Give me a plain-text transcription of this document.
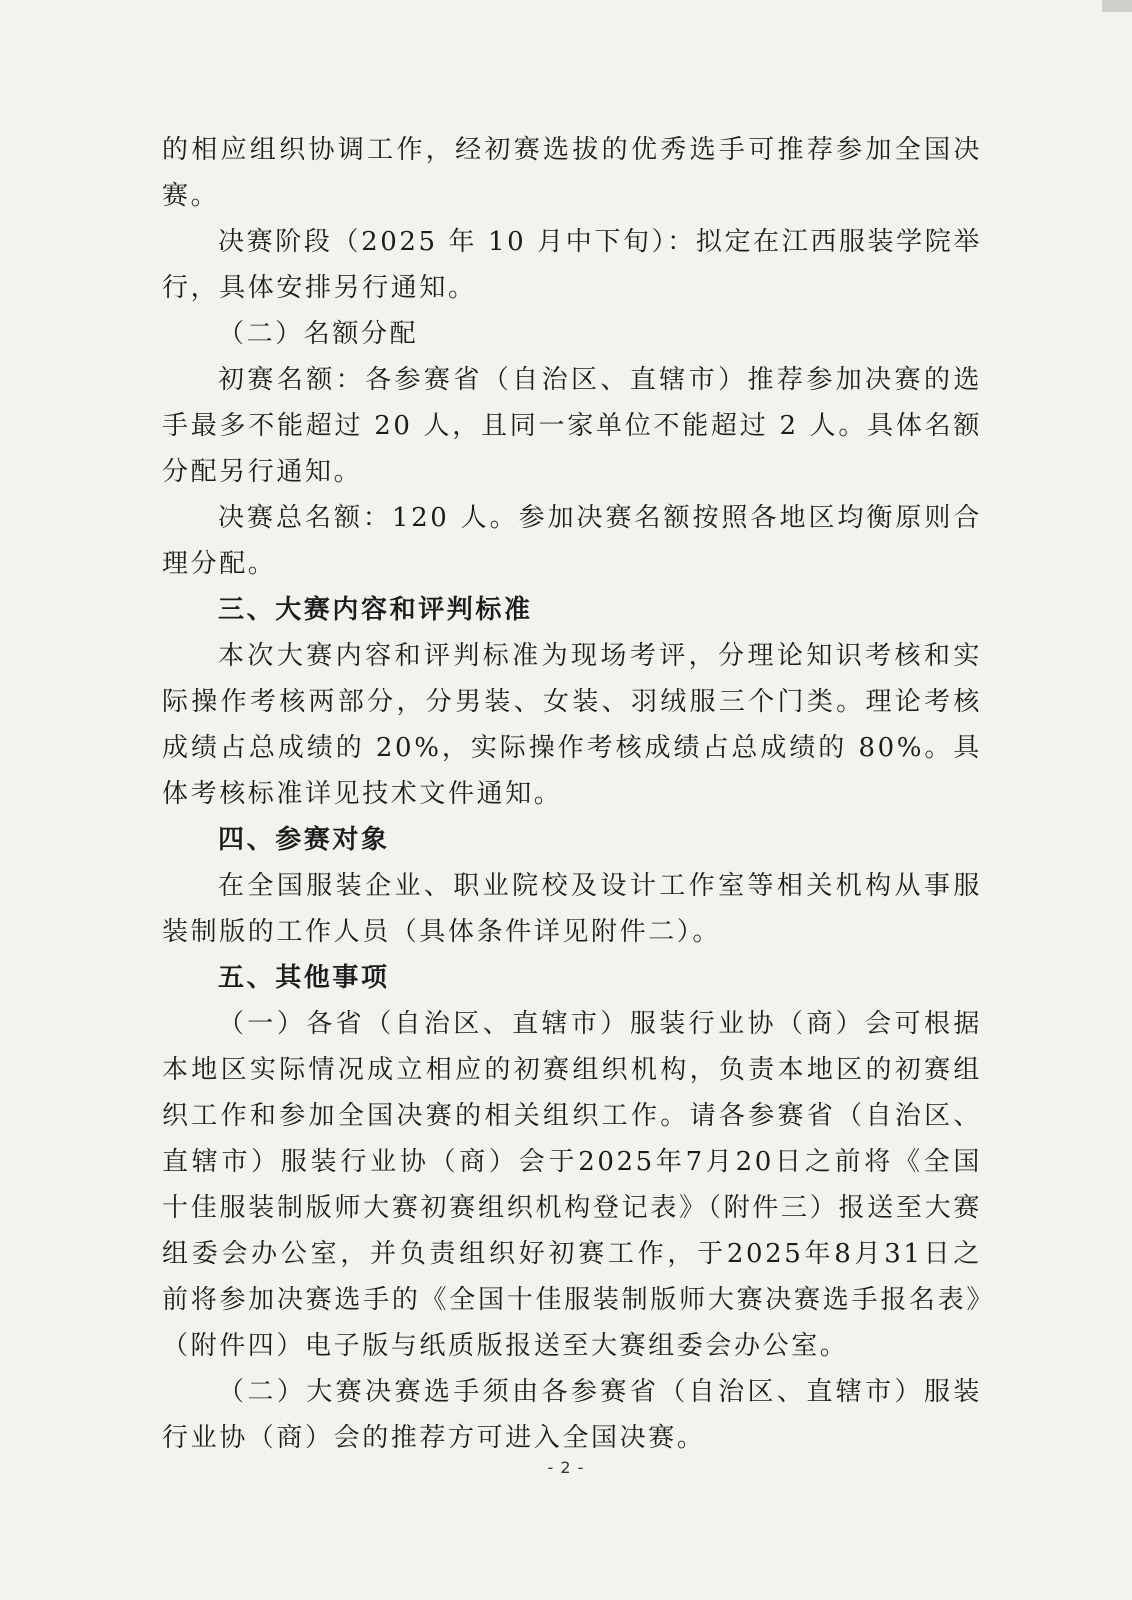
的相应组织协调工作，经初赛选拔的优秀选手可推荐参加全国决赛。

决赛阶段（2025 年 10 月中下旬）：拟定在江西服装学院举行，具体安排另行通知。

（二）名额分配

初赛名额：各参赛省（自治区、直辖市）推荐参加决赛的选手最多不能超过 20 人，且同一家单位不能超过 2 人。具体名额分配另行通知。

决赛总名额：120 人。参加决赛名额按照各地区均衡原则合理分配。

三、大赛内容和评判标准

本次大赛内容和评判标准为现场考评，分理论知识考核和实际操作考核两部分，分男装、女装、羽绒服三个门类。理论考核成绩占总成绩的 20%，实际操作考核成绩占总成绩的 80%。具体考核标准详见技术文件通知。

四、参赛对象

在全国服装企业、职业院校及设计工作室等相关机构从事服装制版的工作人员（具体条件详见附件二）。

五、其他事项

（一）各省（自治区、直辖市）服装行业协（商）会可根据本地区实际情况成立相应的初赛组织机构，负责本地区的初赛组织工作和参加全国决赛的相关组织工作。请各参赛省（自治区、直辖市）服装行业协（商）会于2025年7月20日之前将《全国十佳服装制版师大赛初赛组织机构登记表》（附件三）报送至大赛组委会办公室，并负责组织好初赛工作，于2025年8月31日之前将参加决赛选手的《全国十佳服装制版师大赛决赛选手报名表》（附件四）电子版与纸质版报送至大赛组委会办公室。

（二）大赛决赛选手须由各参赛省（自治区、直辖市）服装行业协（商）会的推荐方可进入全国决赛。

- 2 -
